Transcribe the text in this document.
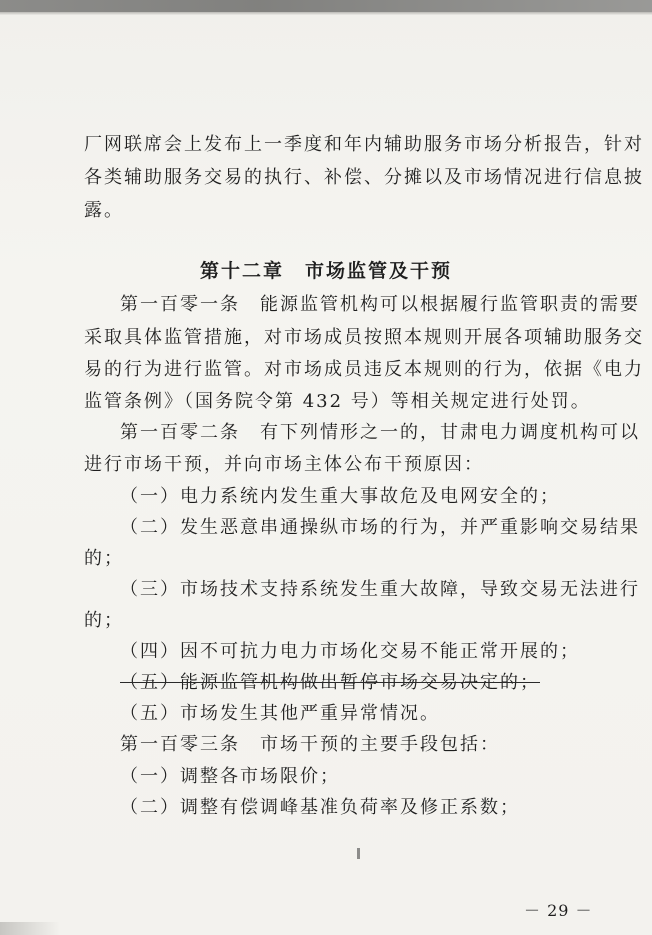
厂网联席会上发布上一季度和年内辅助服务市场分析报告，针对

各类辅助服务交易的执行、补偿、分摊以及市场情况进行信息披

露。

第十二章　市场监管及干预

第一百零一条　能源监管机构可以根据履行监管职责的需要

采取具体监管措施，对市场成员按照本规则开展各项辅助服务交

易的行为进行监管。对市场成员违反本规则的行为，依据《电力

监管条例》（国务院令第 432 号）等相关规定进行处罚。

第一百零二条　有下列情形之一的，甘肃电力调度机构可以

进行市场干预，并向市场主体公布干预原因：

（一）电力系统内发生重大事故危及电网安全的；

（二）发生恶意串通操纵市场的行为，并严重影响交易结果

的；

（三）市场技术支持系统发生重大故障，导致交易无法进行

的；

（四）因不可抗力电力市场化交易不能正常开展的；

（五）能源监管机构做出暂停市场交易决定的；

（五）市场发生其他严重异常情况。

第一百零三条　市场干预的主要手段包括：

（一）调整各市场限价；

（二）调整有偿调峰基准负荷率及修正系数；

－ 29 －
